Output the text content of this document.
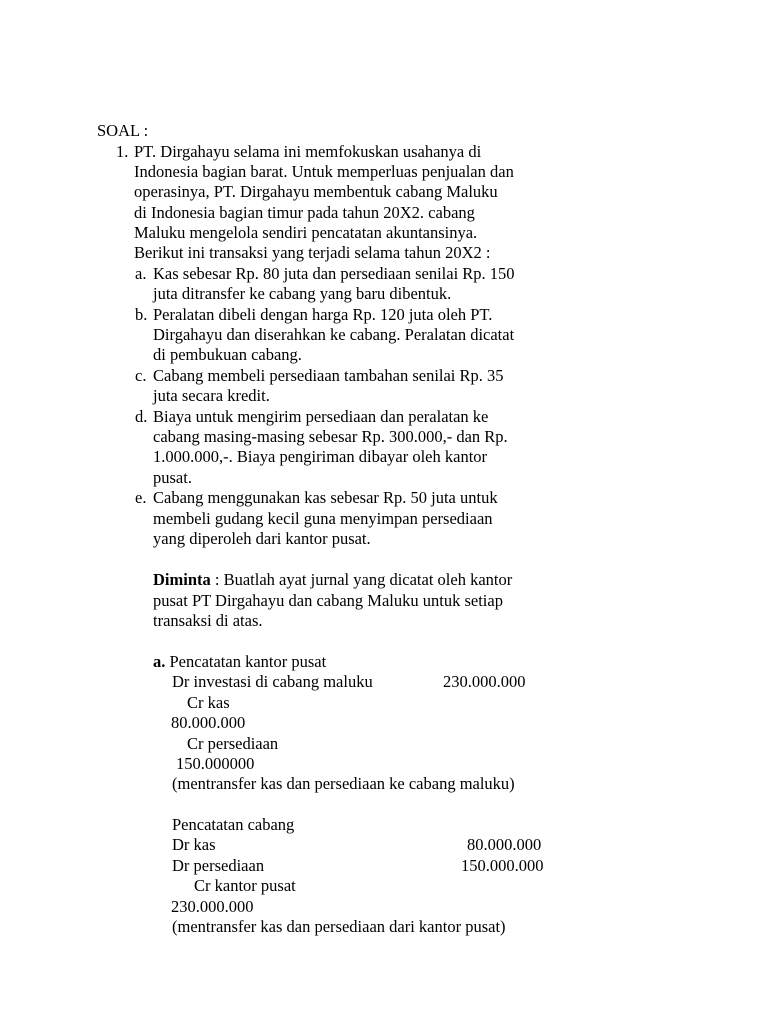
SOAL :
1. PT. Dirgahayu selama ini memfokuskan usahanya di
Indonesia bagian barat. Untuk memperluas penjualan dan
operasinya, PT. Dirgahayu membentuk cabang Maluku
di Indonesia bagian timur pada tahun 20X2. cabang
Maluku mengelola sendiri pencatatan akuntansinya.
Berikut ini transaksi yang terjadi selama tahun 20X2 :
a. Kas sebesar Rp. 80 juta dan persediaan senilai Rp. 150
juta ditransfer ke cabang yang baru dibentuk.
b. Peralatan dibeli dengan harga Rp. 120 juta oleh PT.
Dirgahayu dan diserahkan ke cabang. Peralatan dicatat
di pembukuan cabang.
c. Cabang membeli persediaan tambahan senilai Rp. 35
juta secara kredit.
d. Biaya untuk mengirim persediaan dan peralatan ke
cabang masing-masing sebesar Rp. 300.000,- dan Rp.
1.000.000,-. Biaya pengiriman dibayar oleh kantor
pusat.
e. Cabang menggunakan kas sebesar Rp. 50 juta untuk
membeli gudang kecil guna menyimpan persediaan
yang diperoleh dari kantor pusat.
Diminta : Buatlah ayat jurnal yang dicatat oleh kantor
pusat PT Dirgahayu dan cabang Maluku untuk setiap
transaksi di atas.
a. Pencatatan kantor pusat
Dr investasi di cabang maluku	230.000.000
Cr kas
80.000.000
Cr persediaan
150.000000
(mentransfer kas dan persediaan ke cabang maluku)
Pencatatan cabang
Dr kas	80.000.000
Dr persediaan	150.000.000
Cr kantor pusat
230.000.000
(mentransfer kas dan persediaan dari kantor pusat)
